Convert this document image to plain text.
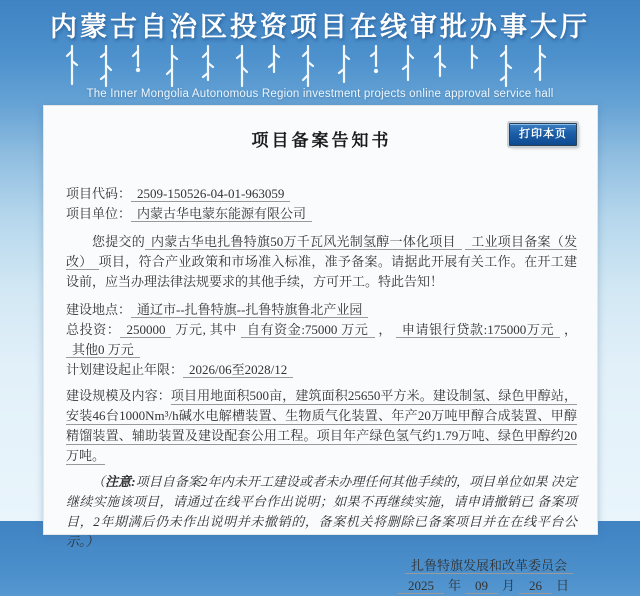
内蒙古自治区投资项目在线审批办事大厅
The Inner Mongolia Autonomous Region investment projects online approval service hall
打印本页
项目备案告知书

项目代码： 2509-150526-04-01-963059

项目单位： 内蒙古华电蒙东能源有限公司

您提交的 内蒙古华电扎鲁特旗50万千瓦风光制氢醇一体化项目 工业项目备案（发改） 项目，符合产业政策和市场准入标准，准予备案。请据此开展有关工作。在开工建设前，应当办理法律法规要求的其他手续，方可开工。特此告知！

建设地点： 通辽市--扎鲁特旗--扎鲁特旗鲁北产业园

总投资： 250000 万元, 其中 自有资金:75000 万元 ， 申请银行贷款:175000万元 ， 其他0 万元

计划建设起止年限： 2026/06至2028/12

建设规模及内容：项目用地面积500亩，建筑面积25650平方米。建设制氢、绿色甲醇站，安装46台1000Nm³/h碱水电解槽装置、生物质气化装置、年产20万吨甲醇合成装置、甲醇精馏装置、辅助装置及建设配套公用工程。项目年产绿色氢气约1.79万吨、绿色甲醇约20万吨。

（注意:项目自备案2年内未开工建设或者未办理任何其他手续的，项目单位如果 决定继续实施该项目，请通过在线平台作出说明；如果不再继续实施，请申请撤销已 备案项目，2年期满后仍未作出说明并未撤销的，备案机关将删除已备案项目并在在线平台公示。）

扎鲁特旗发展和改革委员会

2025 年 09 月 26 日
